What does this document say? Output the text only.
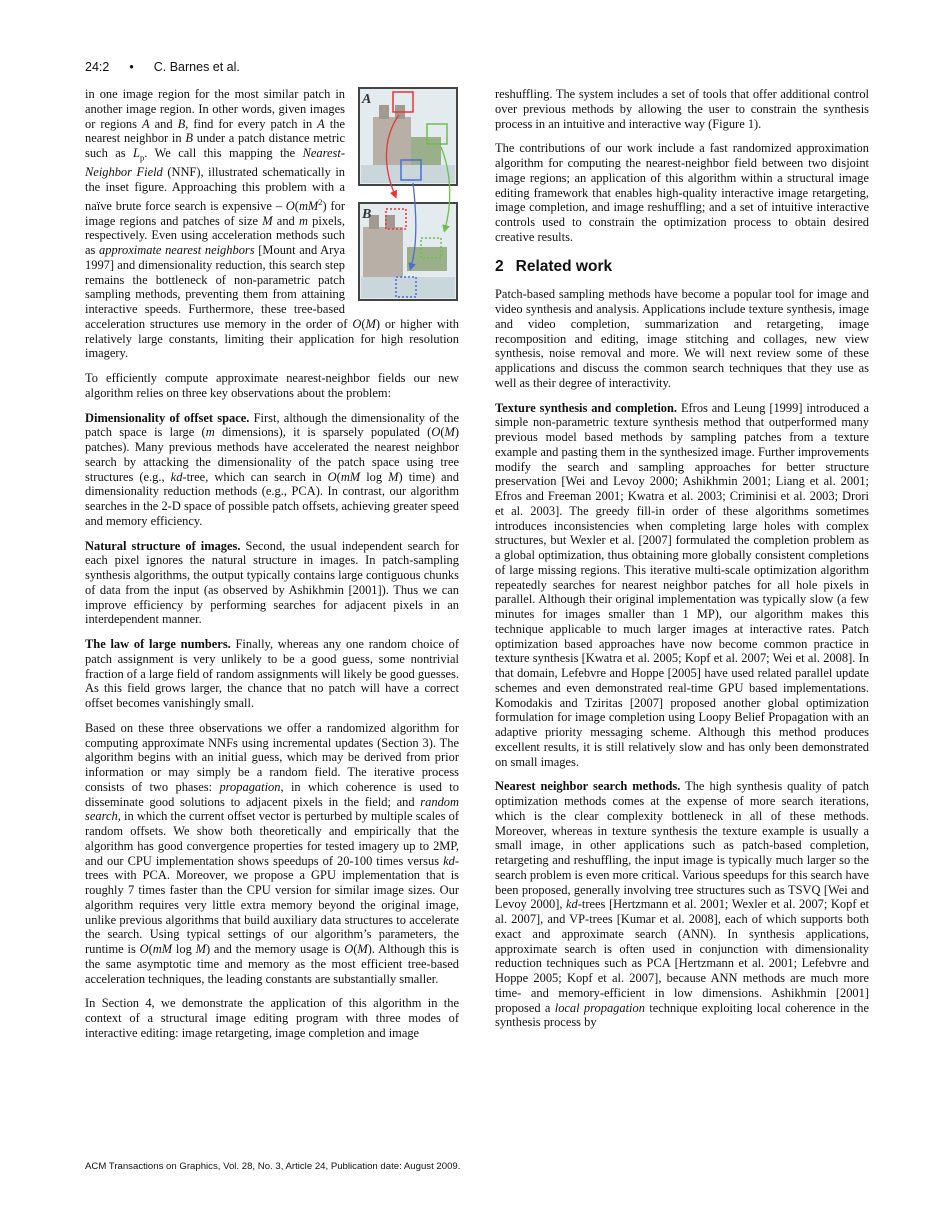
24:2 • C. Barnes et al.
A
B

in one image region for the most similar patch in another image region. In other words, given images or regions A and B, find for every patch in A the nearest neighbor in B under a patch distance metric such as $L_p$. We call this mapping the Nearest-Neighbor Field (NNF), illustrated schematically in the inset figure. Approaching this problem with a naïve brute force search is expensive – $O(mM^2)$ for image regions and patches of size M and m pixels, respectively. Even using acceleration methods such as approximate nearest neighbors [Mount and Arya 1997] and dimensionality reduction, this search step remains the bottleneck of non-parametric patch sampling methods, preventing them from attaining interactive speeds. Furthermore, these tree-based acceleration structures use memory in the order of O(M) or higher with relatively large constants, limiting their application for high resolution imagery.

To efficiently compute approximate nearest-neighbor fields our new algorithm relies on three key observations about the problem:

Dimensionality of offset space. First, although the dimensionality of the patch space is large (m dimensions), it is sparsely populated (O(M) patches). Many previous methods have accelerated the nearest neighbor search by attacking the dimensionality of the patch space using tree structures (e.g., kd-tree, which can search in O(mM log M) time) and dimensionality reduction methods (e.g., PCA). In contrast, our algorithm searches in the 2-D space of possible patch offsets, achieving greater speed and memory efficiency.

Natural structure of images. Second, the usual independent search for each pixel ignores the natural structure in images. In patch-sampling synthesis algorithms, the output typically contains large contiguous chunks of data from the input (as observed by Ashikhmin [2001]). Thus we can improve efficiency by performing searches for adjacent pixels in an interdependent manner.

The law of large numbers. Finally, whereas any one random choice of patch assignment is very unlikely to be a good guess, some nontrivial fraction of a large field of random assignments will likely be good guesses. As this field grows larger, the chance that no patch will have a correct offset becomes vanishingly small.

Based on these three observations we offer a randomized algorithm for computing approximate NNFs using incremental updates (Section 3). The algorithm begins with an initial guess, which may be derived from prior information or may simply be a random field. The iterative process consists of two phases: propagation, in which coherence is used to disseminate good solutions to adjacent pixels in the field; and random search, in which the current offset vector is perturbed by multiple scales of random offsets. We show both theoretically and empirically that the algorithm has good convergence properties for tested imagery up to 2MP, and our CPU implementation shows speedups of 20-100 times versus kd-trees with PCA. Moreover, we propose a GPU implementation that is roughly 7 times faster than the CPU version for similar image sizes. Our algorithm requires very little extra memory beyond the original image, unlike previous algorithms that build auxiliary data structures to accelerate the search. Using typical settings of our algorithm’s parameters, the runtime is O(mM log M) and the memory usage is O(M). Although this is the same asymptotic time and memory as the most efficient tree-based acceleration techniques, the leading constants are substantially smaller.

In Section 4, we demonstrate the application of this algorithm in the context of a structural image editing program with three modes of interactive editing: image retargeting, image completion and image

reshuffling. The system includes a set of tools that offer additional control over previous methods by allowing the user to constrain the synthesis process in an intuitive and interactive way (Figure 1).

The contributions of our work include a fast randomized approximation algorithm for computing the nearest-neighbor field between two disjoint image regions; an application of this algorithm within a structural image editing framework that enables high-quality interactive image retargeting, image completion, and image reshuffling; and a set of intuitive interactive controls used to constrain the optimization process to obtain desired creative results.

2 Related work

Patch-based sampling methods have become a popular tool for image and video synthesis and analysis. Applications include texture synthesis, image and video completion, summarization and retargeting, image recomposition and editing, image stitching and collages, new view synthesis, noise removal and more. We will next review some of these applications and discuss the common search techniques that they use as well as their degree of interactivity.

Texture synthesis and completion. Efros and Leung [1999] introduced a simple non-parametric texture synthesis method that outperformed many previous model based methods by sampling patches from a texture example and pasting them in the synthesized image. Further improvements modify the search and sampling approaches for better structure preservation [Wei and Levoy 2000; Ashikhmin 2001; Liang et al. 2001; Efros and Freeman 2001; Kwatra et al. 2003; Criminisi et al. 2003; Drori et al. 2003]. The greedy fill-in order of these algorithms sometimes introduces inconsistencies when completing large holes with complex structures, but Wexler et al. [2007] formulated the completion problem as a global optimization, thus obtaining more globally consistent completions of large missing regions. This iterative multi-scale optimization algorithm repeatedly searches for nearest neighbor patches for all hole pixels in parallel. Although their original implementation was typically slow (a few minutes for images smaller than 1 MP), our algorithm makes this technique applicable to much larger images at interactive rates. Patch optimization based approaches have now become common practice in texture synthesis [Kwatra et al. 2005; Kopf et al. 2007; Wei et al. 2008]. In that domain, Lefebvre and Hoppe [2005] have used related parallel update schemes and even demonstrated real-time GPU based implementations. Komodakis and Tziritas [2007] proposed another global optimization formulation for image completion using Loopy Belief Propagation with an adaptive priority messaging scheme. Although this method produces excellent results, it is still relatively slow and has only been demonstrated on small images.

Nearest neighbor search methods. The high synthesis quality of patch optimization methods comes at the expense of more search iterations, which is the clear complexity bottleneck in all of these methods. Moreover, whereas in texture synthesis the texture example is usually a small image, in other applications such as patch-based completion, retargeting and reshuffling, the input image is typically much larger so the search problem is even more critical. Various speedups for this search have been proposed, generally involving tree structures such as TSVQ [Wei and Levoy 2000], kd-trees [Hertzmann et al. 2001; Wexler et al. 2007; Kopf et al. 2007], and VP-trees [Kumar et al. 2008], each of which supports both exact and approximate search (ANN). In synthesis applications, approximate search is often used in conjunction with dimensionality reduction techniques such as PCA [Hertzmann et al. 2001; Lefebvre and Hoppe 2005; Kopf et al. 2007], because ANN methods are much more time- and memory-efficient in low dimensions. Ashikhmin [2001] proposed a local propagation technique exploiting local coherence in the synthesis process by

ACM Transactions on Graphics, Vol. 28, No. 3, Article 24, Publication date: August 2009.
